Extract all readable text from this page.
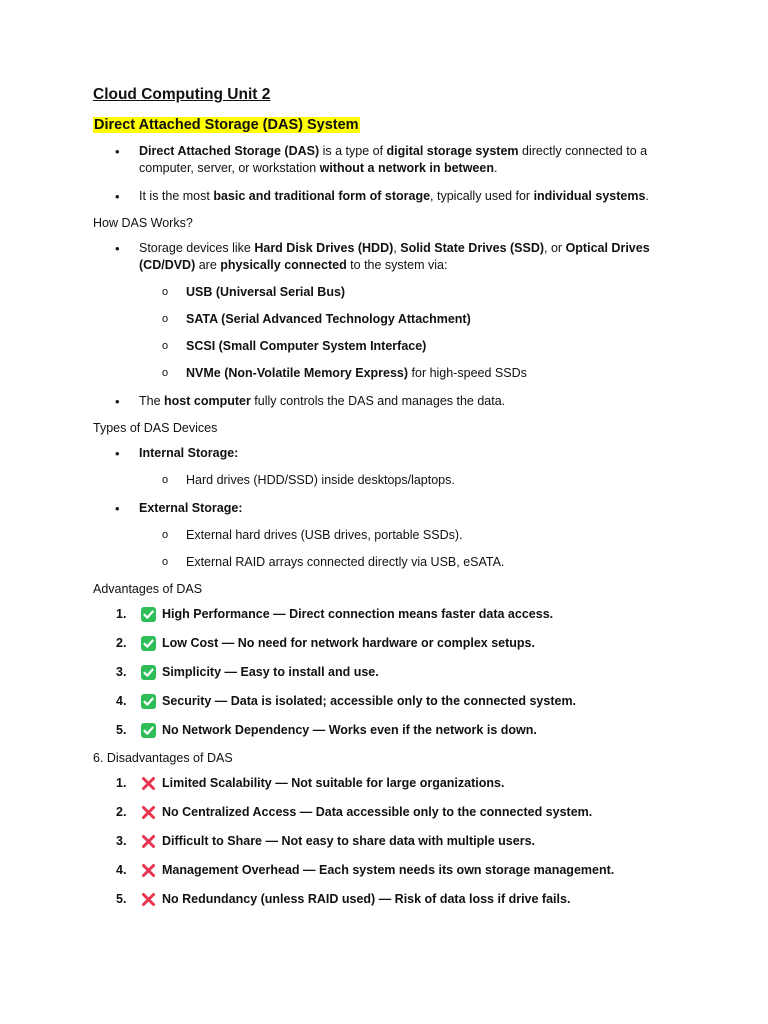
Cloud Computing Unit 2
Direct Attached Storage (DAS) System
• Direct Attached Storage (DAS) is a type of digital storage system directly connected to a computer, server, or workstation without a network in between.
• It is the most basic and traditional form of storage, typically used for individual systems.
How DAS Works?
• Storage devices like Hard Disk Drives (HDD), Solid State Drives (SSD), or Optical Drives (CD/DVD) are physically connected to the system via:
o USB (Universal Serial Bus)
o SATA (Serial Advanced Technology Attachment)
o SCSI (Small Computer System Interface)
o NVMe (Non-Volatile Memory Express) for high-speed SSDs
• The host computer fully controls the DAS and manages the data.
Types of DAS Devices
• Internal Storage:
o Hard drives (HDD/SSD) inside desktops/laptops.
• External Storage:
o External hard drives (USB drives, portable SSDs).
o External RAID arrays connected directly via USB, eSATA.
Advantages of DAS
1.	High Performance — Direct connection means faster data access.
2.	Low Cost — No need for network hardware or complex setups.
3.	Simplicity — Easy to install and use.
4.	Security — Data is isolated; accessible only to the connected system.
5.	No Network Dependency — Works even if the network is down.
6. Disadvantages of DAS
1.	Limited Scalability — Not suitable for large organizations.
2.	No Centralized Access — Data accessible only to the connected system.
3.	Difficult to Share — Not easy to share data with multiple users.
4.	Management Overhead — Each system needs its own storage management.
5.	No Redundancy (unless RAID used) — Risk of data loss if drive fails.
